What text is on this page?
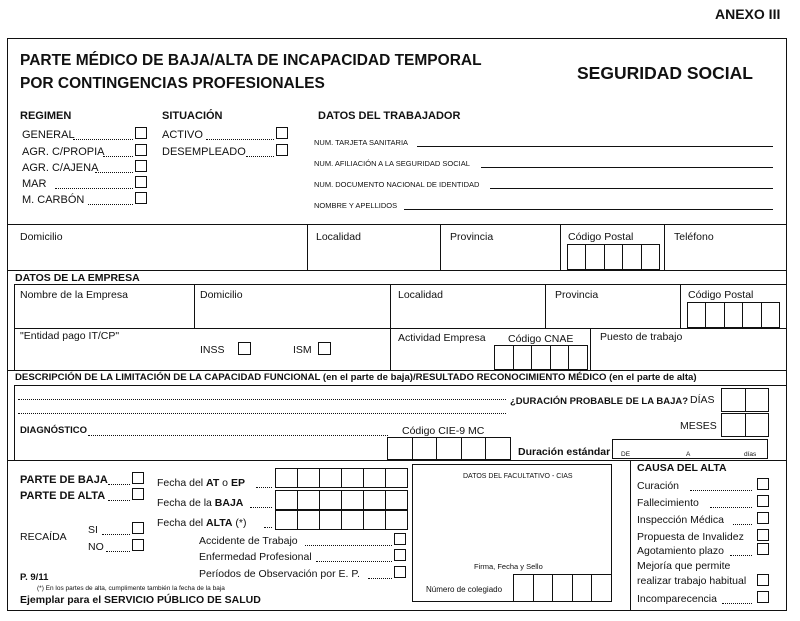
ANEXO III
PARTE MÉDICO DE BAJA/ALTA DE INCAPACIDAD TEMPORAL
POR CONTINGENCIAS PROFESIONALES
SEGURIDAD SOCIAL
REGIMEN
GENERAL
AGR. C/PROPIA
AGR. C/AJENA
MAR
M. CARBÓN
SITUACIÓN
ACTIVO
DESEMPLEADO
DATOS DEL TRABAJADOR
NUM. TARJETA SANITARIA
NUM. AFILIACIÓN A LA SEGURIDAD SOCIAL
NUM. DOCUMENTO NACIONAL DE IDENTIDAD
NOMBRE Y APELLIDOS
Domicilio	Localidad	Provincia	Código Postal	Teléfono
DATOS DE LA EMPRESA
Nombre de la Empresa	Domicilio	Localidad	Provincia	Código Postal
"Entidad pago IT/CP"
INSS	ISM
Actividad Empresa Código CNAE	Puesto de trabajo
DESCRIPCIÓN DE LA LIMITACIÓN DE LA CAPACIDAD FUNCIONAL (en el parte de baja)/RESULTADO RECONOCIMIENTO MÉDICO (en el parte de alta)
¿DURACIÓN PROBABLE DE LA BAJA? DÍAS
MESES
DIAGNÓSTICO	Código CIE-9 MC
Duración estándar DE	A	días
PARTE DE BAJA
PARTE DE ALTA
RECAÍDA
SI
NO
Fecha del AT o EP
Fecha de la BAJA
Fecha del ALTA (*)
Accidente de Trabajo
Enfermedad Profesional
Períodos de Observación por E. P.
P. 9/11
(*) En los partes de alta, cumplimente también la fecha de la baja
Ejemplar para el SERVICIO PÚBLICO DE SALUD
DATOS DEL FACULTATIVO - CIAS
Firma, Fecha y Sello
Número de colegiado
CAUSA DEL ALTA
Curación
Fallecimiento
Inspección Médica
Propuesta de Invalidez
Agotamiento plazo
Mejoría que permite
realizar trabajo habitual
Incomparecencia
